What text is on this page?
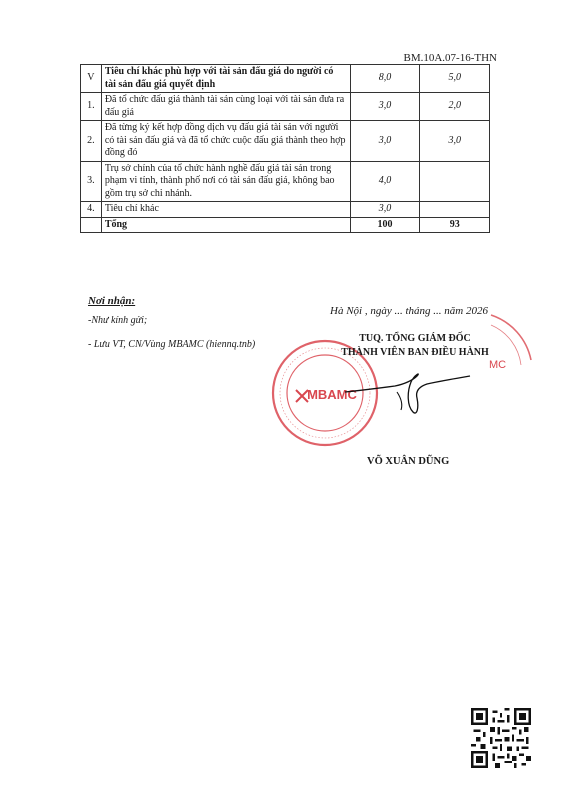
BM.10A.07-16-THN
V	Tiêu chí khác phù hợp với tài sản đấu giá do người có tài sản đấu giá quyết định	8,0	5,0
1.	Đã tổ chức đấu giá thành tài sản cùng loại với tài sản đưa ra đấu giá	3,0	2,0
2.	Đã từng ký kết hợp đồng dịch vụ đấu giá tài sản với người có tài sản đấu giá và đã tổ chức cuộc đấu giá thành theo hợp đồng đó	3,0	3,0
3.	Trụ sở chính của tổ chức hành nghề đấu giá tài sản trong phạm vi tỉnh, thành phố nơi có tài sản đấu giá, không bao gồm trụ sở chi nhánh.	4,0	
4.	Tiêu chí khác	3,0	
	Tổng	100	93
Nơi nhận:
-Như kính gửi;
- Lưu VT, CN/Vùng MBAMC (hiennq.tnb)
Hà Nội , ngày ... tháng ... năm 2026
MBAMC
MC
TUQ. TỔNG GIÁM ĐỐC
THÀNH VIÊN BAN ĐIỀU HÀNH
VÕ XUÂN DŨNG
